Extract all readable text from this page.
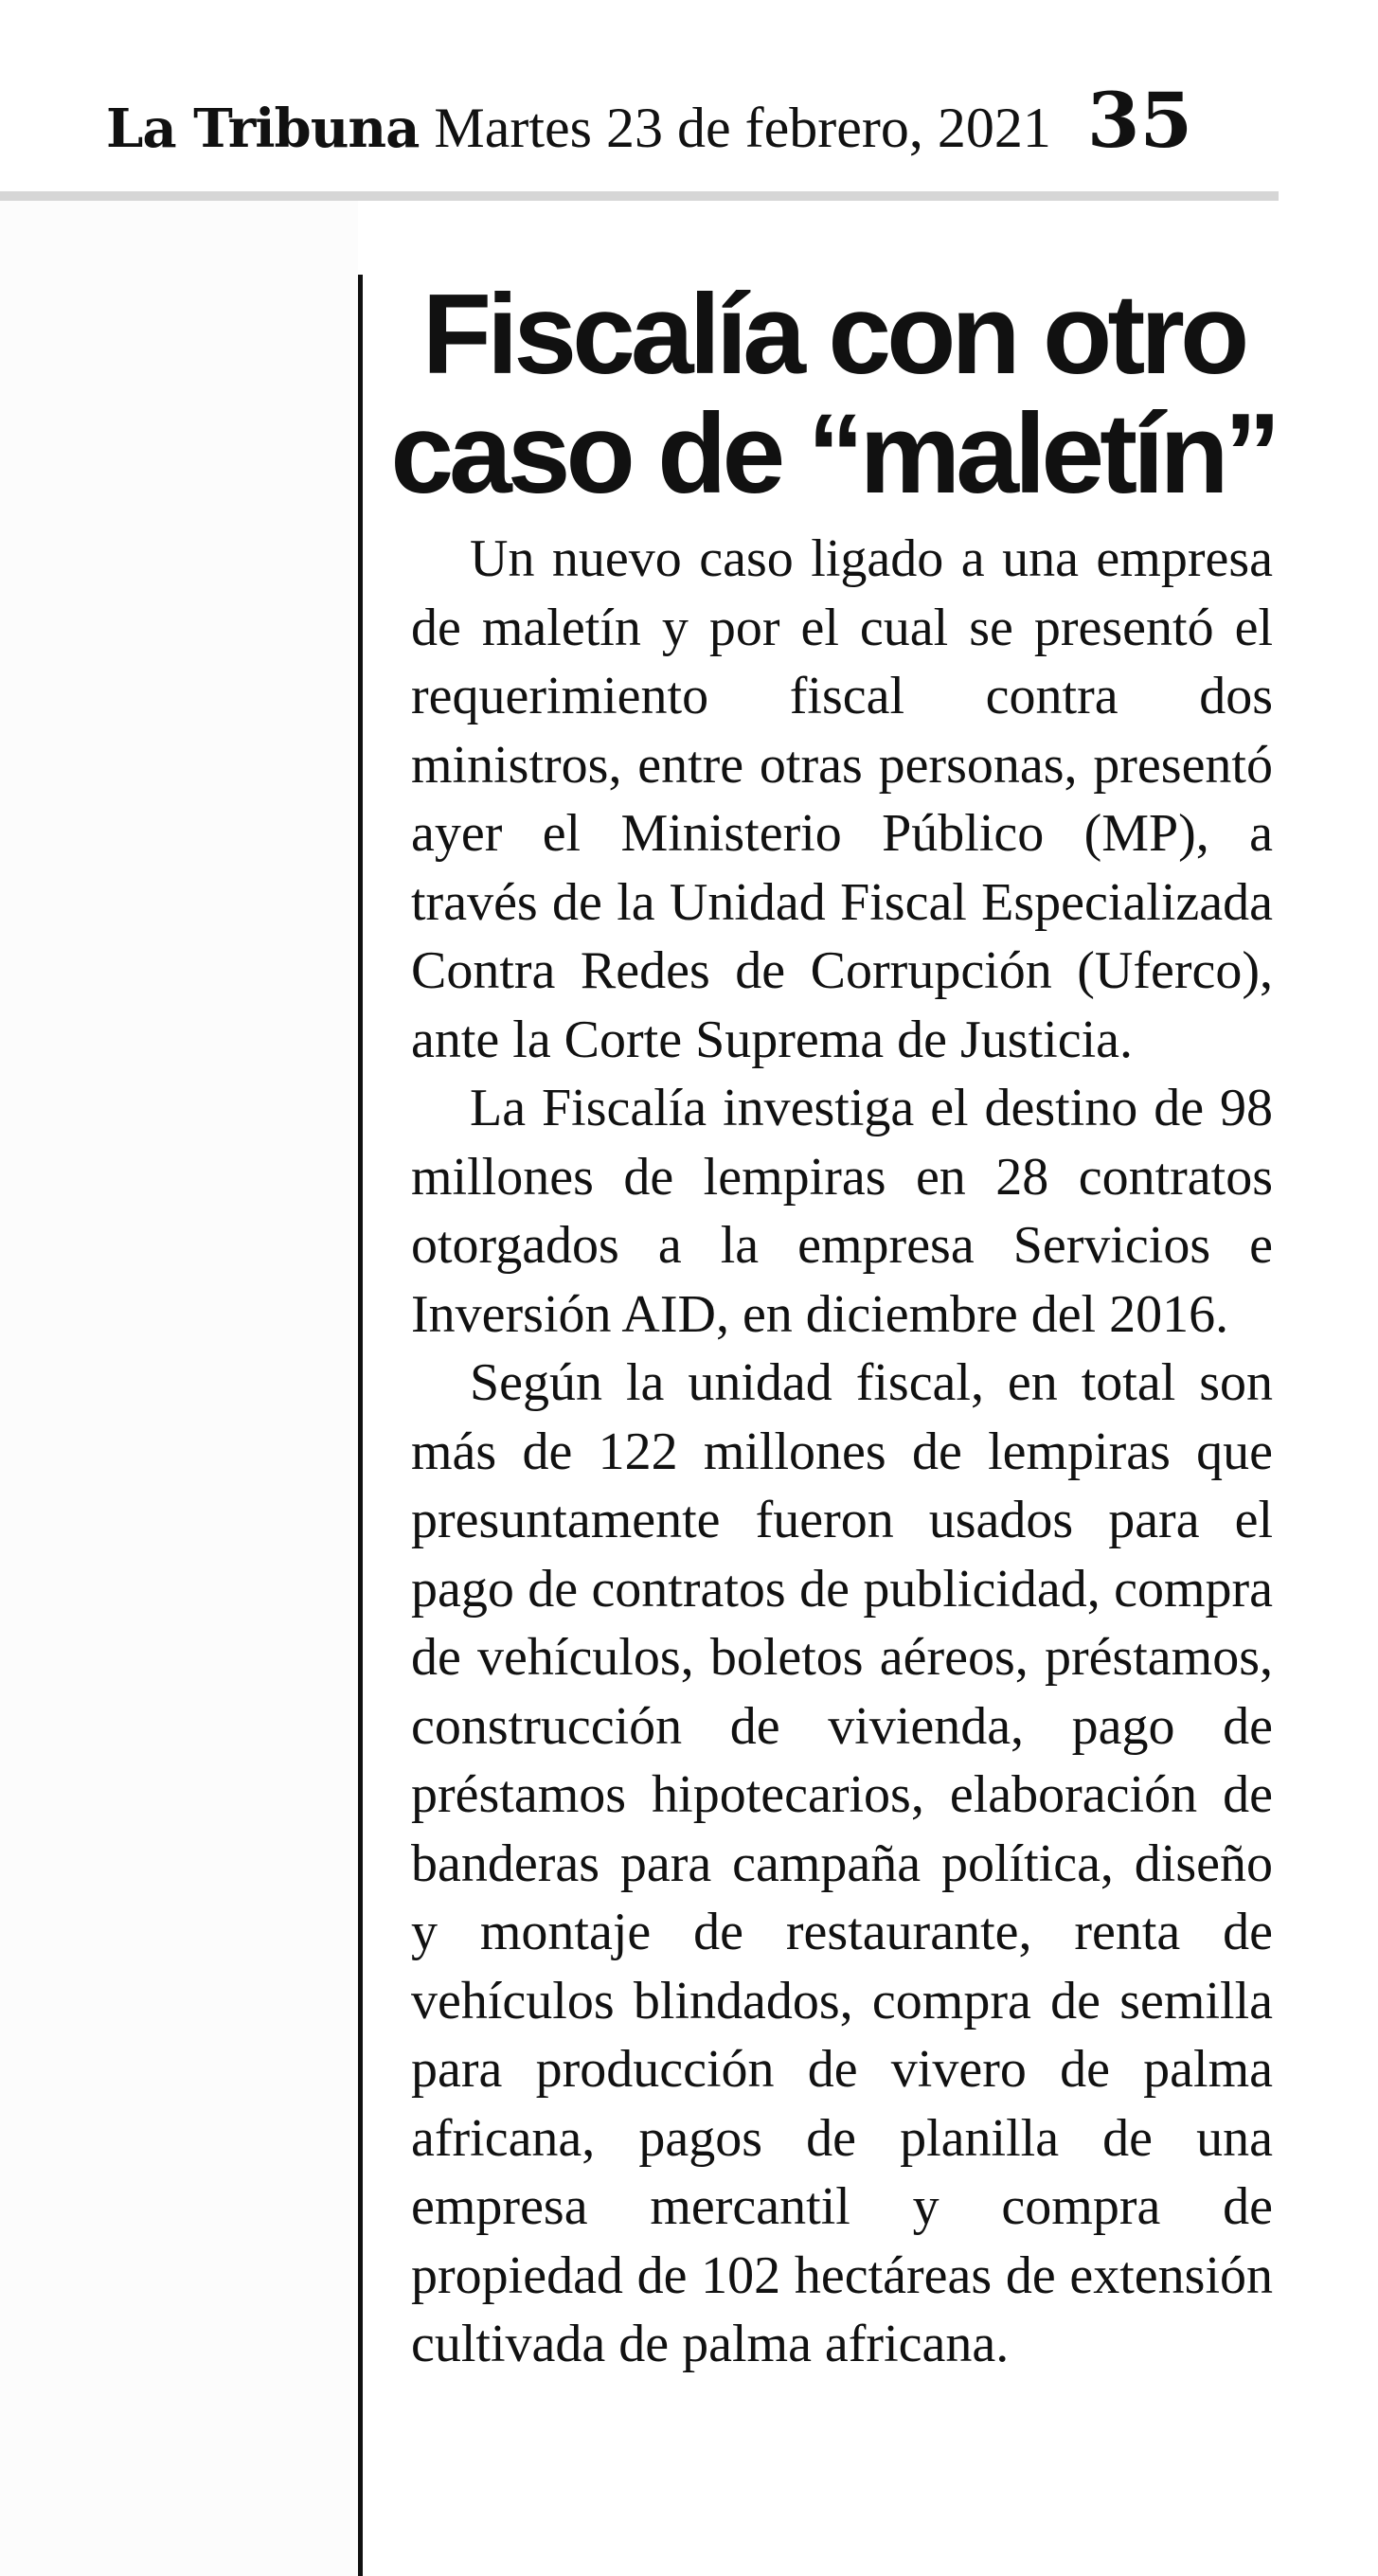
La Tribuna Martes 23 de febrero, 2021 35
Fiscalía con otro caso de “maletín”

Un nuevo caso ligado a una empresa de maletín y por el cual se presentó el requerimiento fiscal contra dos ministros, entre otras personas, presentó ayer el Ministerio Público (MP), a través de la Unidad Fiscal Especializada Contra Redes de Corrupción (Uferco), ante la Corte Suprema de Justicia.

La Fiscalía investiga el destino de 98 millones de lempiras en 28 contratos otorgados a la empresa Servicios e Inversión AID, en diciembre del 2016.

Según la unidad fiscal, en total son más de 122 millones de lempiras que presuntamente fueron usados para el pago de contratos de publicidad, compra de vehículos, boletos aéreos, préstamos, construcción de vivienda, pago de préstamos hipotecarios, elaboración de banderas para campaña política, diseño y montaje de restaurante, renta de vehículos blindados, compra de semilla para producción de vivero de palma africana, pagos de planilla de una empresa mercantil y compra de propiedad de 102 hectáreas de extensión cultivada de palma africana.
